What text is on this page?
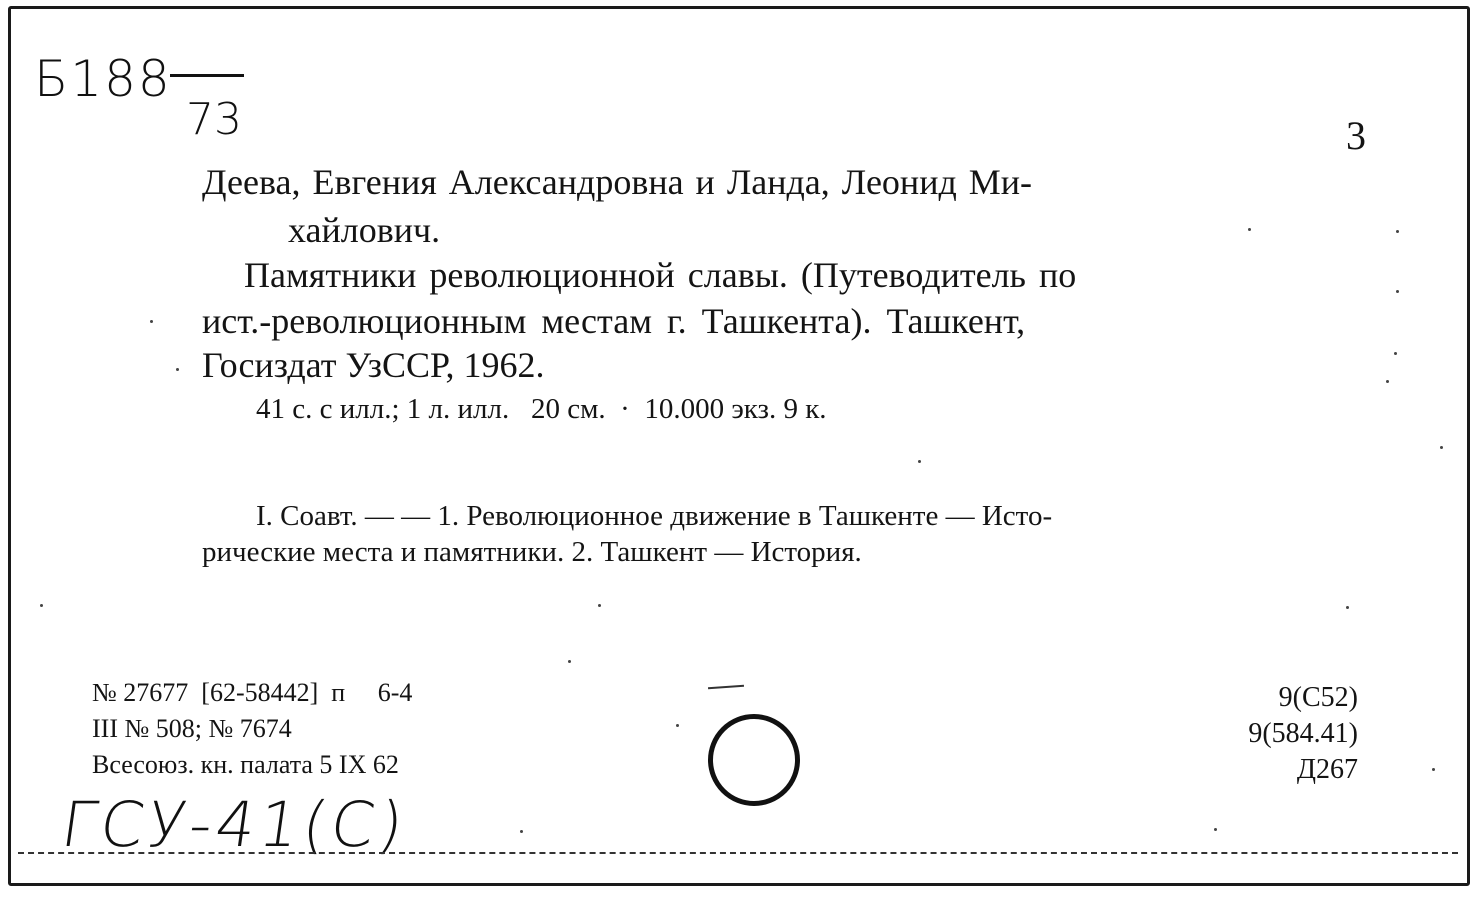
Б188
73	3
Деева, Евгения Александровна и Ланда, Леонид Ми-
хайлович.
Памятники революционной славы. (Путеводитель по
ист.-революционным местам г. Ташкента). Ташкент,
Госиздат УзССР, 1962.
41 с. с илл.; 1 л. илл.   20 см.  ·  10.000 экз. 9 к.
I. Соавт. — — 1. Революционное движение в Ташкенте — Исто-
рические места и памятники. 2. Ташкент — История.
№ 27677  [62-58442]  п     6-4
III № 508; № 7674
Всесоюз. кн. палата 5 IX 62
9(С52)
9(584.41)
Д267
ГСУ-41(С)
